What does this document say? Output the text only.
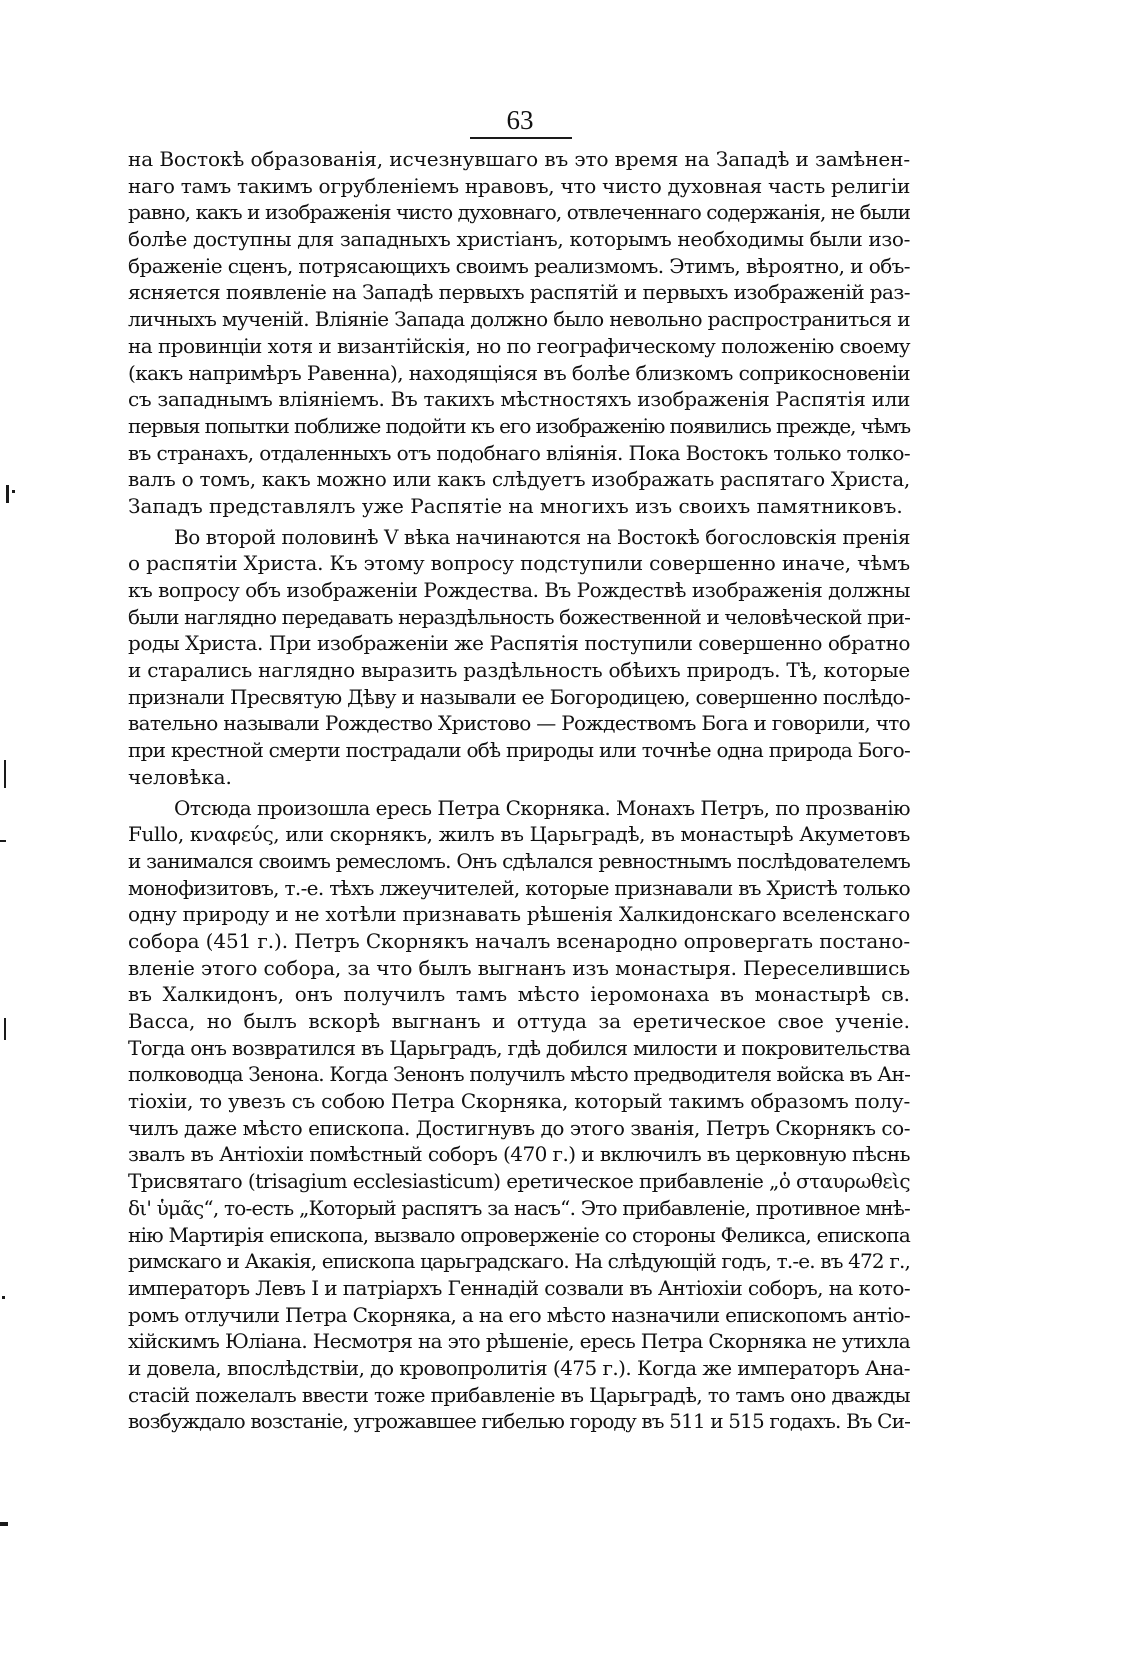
63
на Востокѣ образованія, исчезнувшаго въ это время на Западѣ и замѣнен-
наго тамъ такимъ огрубленіемъ нравовъ, что чисто духовная часть религіи
равно, какъ и изображенія чисто духовнаго, отвлеченнаго содержанія, не были
болѣе доступны для западныхъ христіанъ, которымъ необходимы были изо-
браженіе сценъ, потрясающихъ своимъ реализмомъ. Этимъ, вѣроятно, и объ-
ясняется появленіе на Западѣ первыхъ распятій и первыхъ изображеній раз-
личныхъ мученій. Вліяніе Запада должно было невольно распространиться и
на провинціи хотя и византійскія, но по географическому положенію своему
(какъ напримѣръ Равенна), находящіяся въ болѣе близкомъ соприкосновеніи
съ западнымъ вліяніемъ. Въ такихъ мѣстностяхъ изображенія Распятія или
первыя попытки поближе подойти къ его изображенію появились прежде, чѣмъ
въ странахъ, отдаленныхъ отъ подобнаго вліянія. Пока Востокъ только толко-
валъ о томъ, какъ можно или какъ слѣдуетъ изображать распятаго Христа,
Западъ представлялъ уже Распятіе на многихъ изъ своихъ памятниковъ.
Во второй половинѣ V вѣка начинаются на Востокѣ богословскія пренія
о распятіи Христа. Къ этому вопросу подступили совершенно иначе, чѣмъ
къ вопросу объ изображеніи Рождества. Въ Рождествѣ изображенія должны
были наглядно передавать нераздѣльность божественной и человѣческой при-
роды Христа. При изображеніи же Распятія поступили совершенно обратно
и старались наглядно выразить раздѣльность обѣихъ природъ. Тѣ, которые
признали Пресвятую Дѣву и называли ее Богородицею, совершенно послѣдо-
вательно называли Рождество Христово — Рождествомъ Бога и говорили, что
при крестной смерти пострадали обѣ природы или точнѣе одна природа Бого-
человѣка.
Отсюда произошла ересь Петра Скорняка. Монахъ Петръ, по прозванію
Fullo, κναφεύς, или скорнякъ, жилъ въ Царьградѣ, въ монастырѣ Акуметовъ
и занимался своимъ ремесломъ. Онъ сдѣлался ревностнымъ послѣдователемъ
монофизитовъ, т.-е. тѣхъ лжеучителей, которые признавали въ Христѣ только
одну природу и не хотѣли признавать рѣшенія Халкидонскаго вселенскаго
собора (451 г.). Петръ Скорнякъ началъ всенародно опровергать постано-
вленіе этого собора, за что былъ выгнанъ изъ монастыря. Переселившись
въ Халкидонъ, онъ получилъ тамъ мѣсто іеромонаха въ монастырѣ св.
Васса, но былъ вскорѣ выгнанъ и оттуда за еретическое свое ученіе.
Тогда онъ возвратился въ Царьградъ, гдѣ добился милости и покровительства
полководца Зенона. Когда Зенонъ получилъ мѣсто предводителя войска въ Ан-
тіохіи, то увезъ съ собою Петра Скорняка, который такимъ образомъ полу-
чилъ даже мѣсто епископа. Достигнувъ до этого званія, Петръ Скорнякъ со-
звалъ въ Антіохіи помѣстный соборъ (470 г.) и включилъ въ церковную пѣснь
Трисвятаго (trisagium ecclesiasticum) еретическое прибавленіе „ὁ σταυρωθεὶς
δι' ὑμᾶς“, то-есть „Который распятъ за насъ“. Это прибавленіе, противное мнѣ-
нію Мартирія епископа, вызвало опроверженіе со стороны Феликса, епископа
римскаго и Акакія, епископа царьградскаго. На слѣдующій годъ, т.-е. въ 472 г.,
императоръ Левъ I и патріархъ Геннадій созвали въ Антіохіи соборъ, на кото-
ромъ отлучили Петра Скорняка, а на его мѣсто назначили епископомъ антіо-
хійскимъ Юліана. Несмотря на это рѣшеніе, ересь Петра Скорняка не утихла
и довела, впослѣдствіи, до кровопролитія (475 г.). Когда же императоръ Ана-
стасій пожелалъ ввести тоже прибавленіе въ Царьградѣ, то тамъ оно дважды
возбуждало возстаніе, угрожавшее гибелью городу въ 511 и 515 годахъ. Въ Си-
